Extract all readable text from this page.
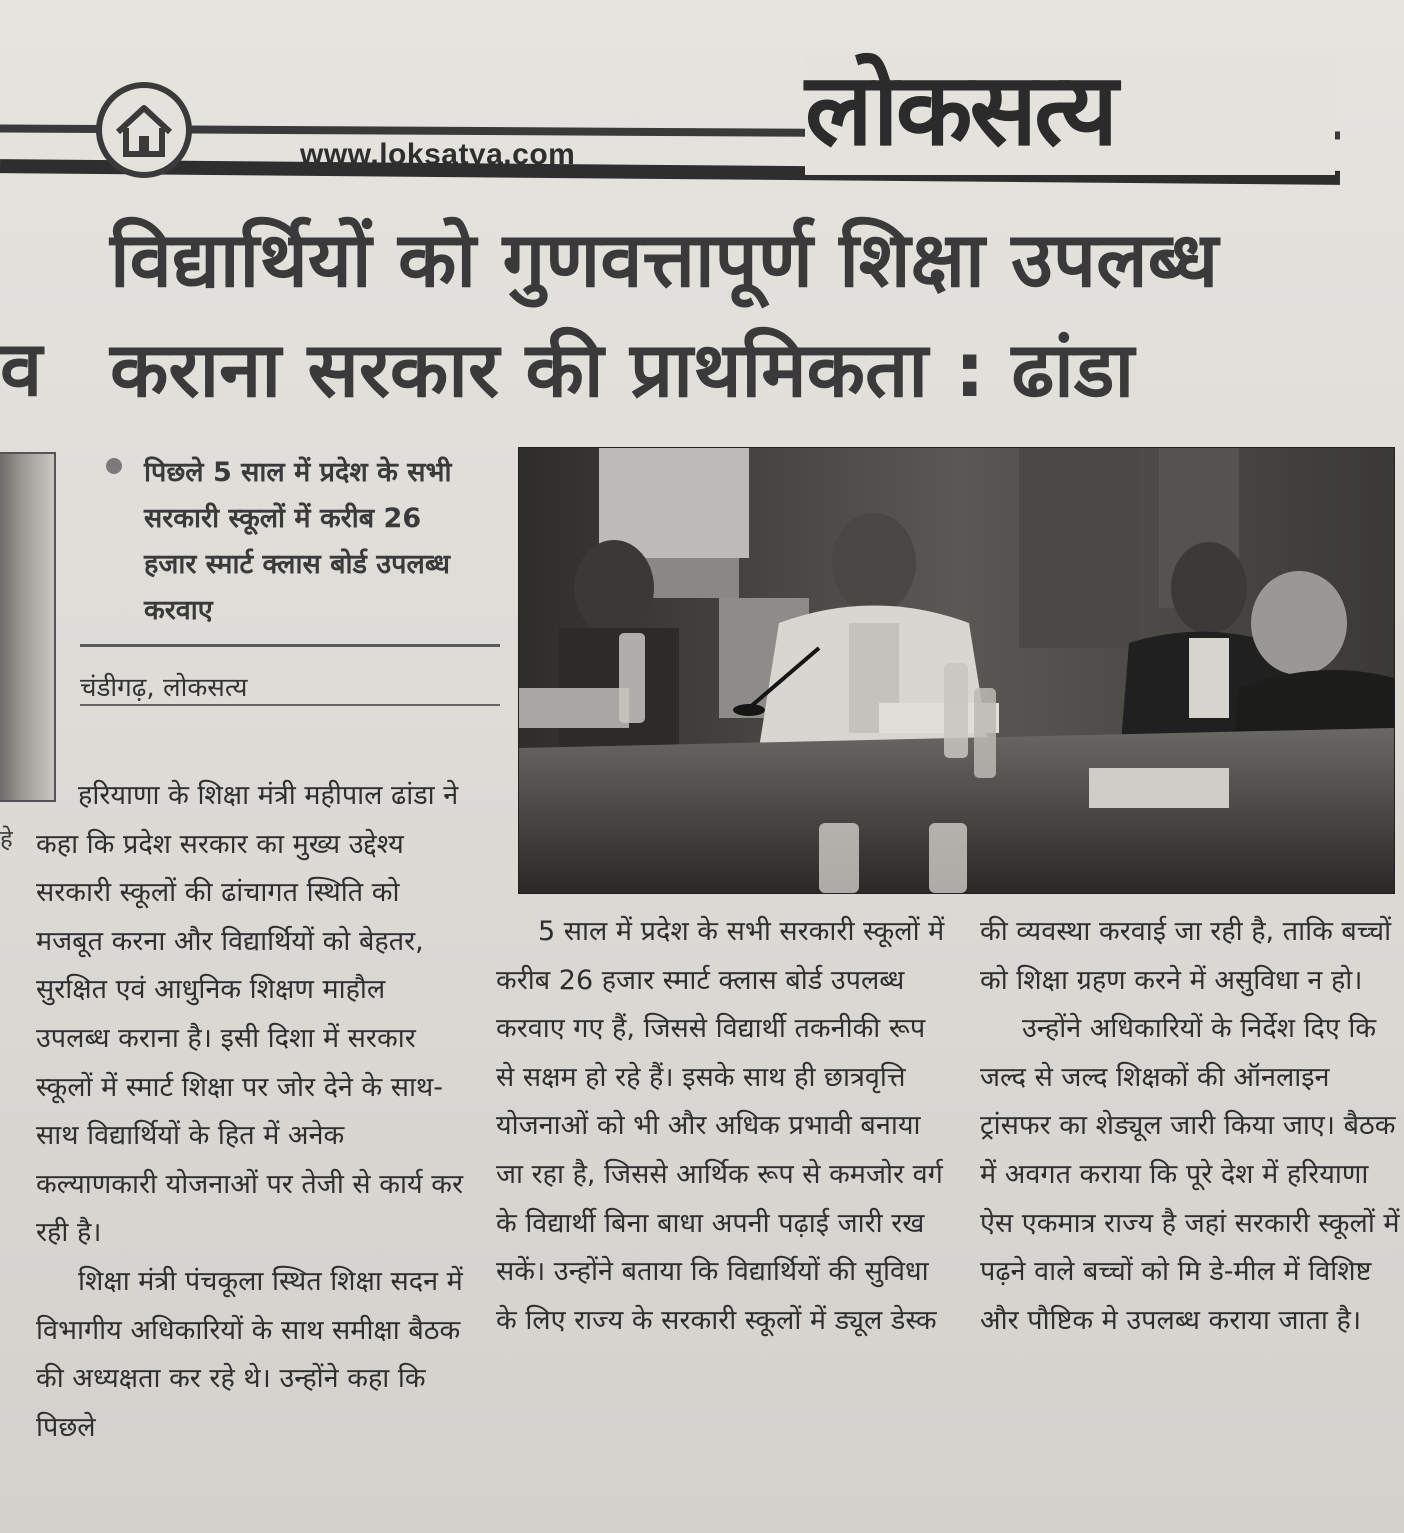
www.loksatya.com लोकसत्य
विद्यार्थियों को गुणवत्तापूर्ण शिक्षा उपलब्ध
कराना सरकार की प्राथमिकता : ढांडा
व
हे
पिछले 5 साल में प्रदेश के सभी सरकारी स्कूलों में करीब 26 हजार स्मार्ट क्लास बोर्ड उपलब्ध करवाए
चंडीगढ़, लोकसत्य

हरियाणा के शिक्षा मंत्री महीपाल ढांडा ने कहा कि प्रदेश सरकार का मुख्य उद्देश्य सरकारी स्कूलों की ढांचागत स्थिति को मजबूत करना और विद्यार्थियों को बेहतर, सुरक्षित एवं आधुनिक शिक्षण माहौल उपलब्ध कराना है। इसी दिशा में सरकार स्कूलों में स्मार्ट शिक्षा पर जोर देने के साथ-साथ विद्यार्थियों के हित में अनेक कल्याणकारी योजनाओं पर तेजी से कार्य कर रही है।

शिक्षा मंत्री पंचकूला स्थित शिक्षा सदन में विभागीय अधिकारियों के साथ समीक्षा बैठक की अध्यक्षता कर रहे थे। उन्होंने कहा कि पिछले

5 साल में प्रदेश के सभी सरकारी स्कूलों में करीब 26 हजार स्मार्ट क्लास बोर्ड उपलब्ध करवाए गए हैं, जिससे विद्यार्थी तकनीकी रूप से सक्षम हो रहे हैं। इसके साथ ही छात्रवृत्ति योजनाओं को भी और अधिक प्रभावी बनाया जा रहा है, जिससे आर्थिक रूप से कमजोर वर्ग के विद्यार्थी बिना बाधा अपनी पढ़ाई जारी रख सकें। उन्होंने बताया कि विद्यार्थियों की सुविधा के लिए राज्य के सरकारी स्कूलों में ड्यूल डेस्क

की व्यवस्था करवाई जा रही है, ताकि बच्चों को शिक्षा ग्रहण करने में असुविधा न हो।

उन्होंने अधिकारियों के निर्देश दिए कि जल्द से जल्द शिक्षकों की ऑनलाइन ट्रांसफर का शेड्यूल जारी किया जाए। बैठक में अवगत कराया कि पूरे देश में हरियाणा ऐस एकमात्र राज्य है जहां सरकारी स्कूलों में पढ़ने वाले बच्चों को मि डे-मील में विशिष्ट और पौष्टिक मे उपलब्ध कराया जाता है।
